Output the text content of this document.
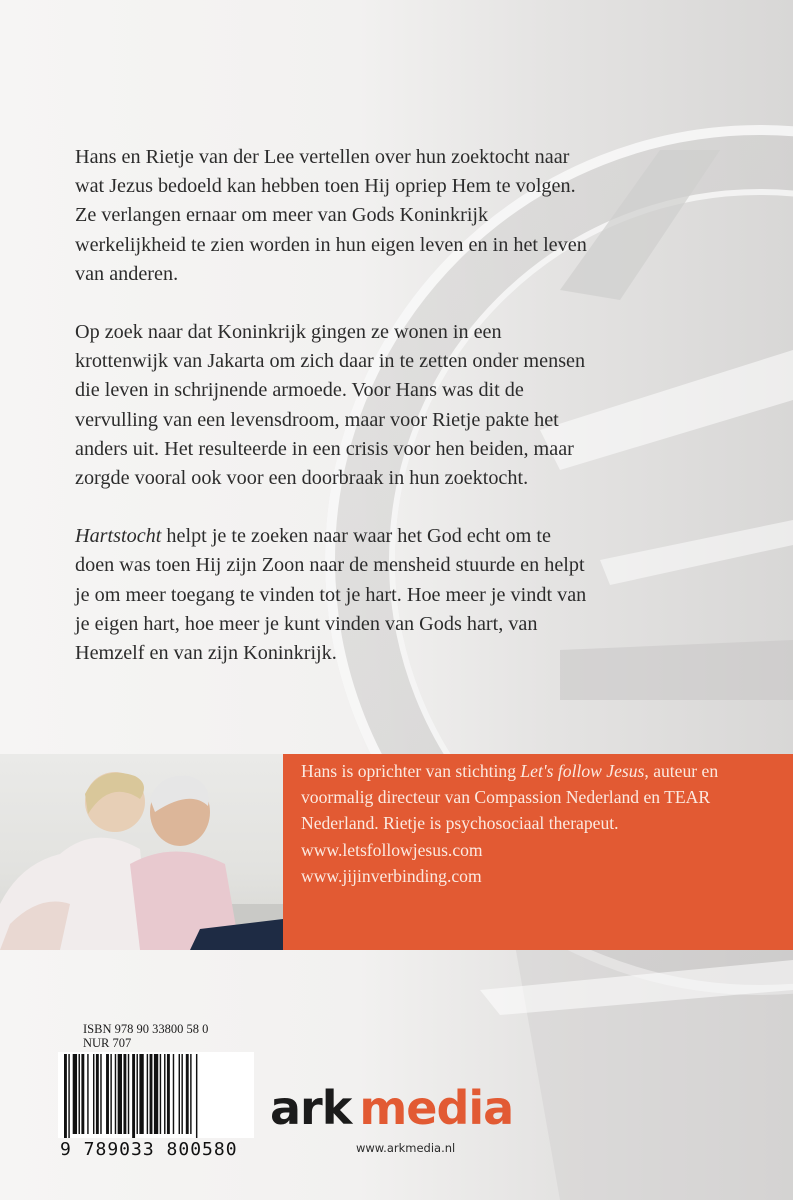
Hans en Rietje van der Lee vertellen over hun zoektocht naar wat Jezus bedoeld kan hebben toen Hij opriep Hem te volgen. Ze verlangen ernaar om meer van Gods Koninkrijk werkelijkheid te zien worden in hun eigen leven en in het leven van anderen.

Op zoek naar dat Koninkrijk gingen ze wonen in een krottenwijk van Jakarta om zich daar in te zetten onder mensen die leven in schrijnende armoede. Voor Hans was dit de vervulling van een levensdroom, maar voor Rietje pakte het anders uit. Het resulteerde in een crisis voor hen beiden, maar zorgde vooral ook voor een doorbraak in hun zoektocht.

Hartstocht helpt je te zoeken naar waar het God echt om te doen was toen Hij zijn Zoon naar de mensheid stuurde en helpt je om meer toegang te vinden tot je hart. Hoe meer je vindt van je eigen hart, hoe meer je kunt vinden van Gods hart, van Hemzelf en van zijn Koninkrijk.

Hans is oprichter van stichting Let's follow Jesus, auteur en voormalig directeur van Compassion Nederland en TEAR Nederland. Rietje is psychosociaal therapeut.
www.letsfollowjesus.com
www.jijinverbinding.com
ISBN 978 90 33800 58 0
NUR 707
9 789033 800580
ark media
www.arkmedia.nl
